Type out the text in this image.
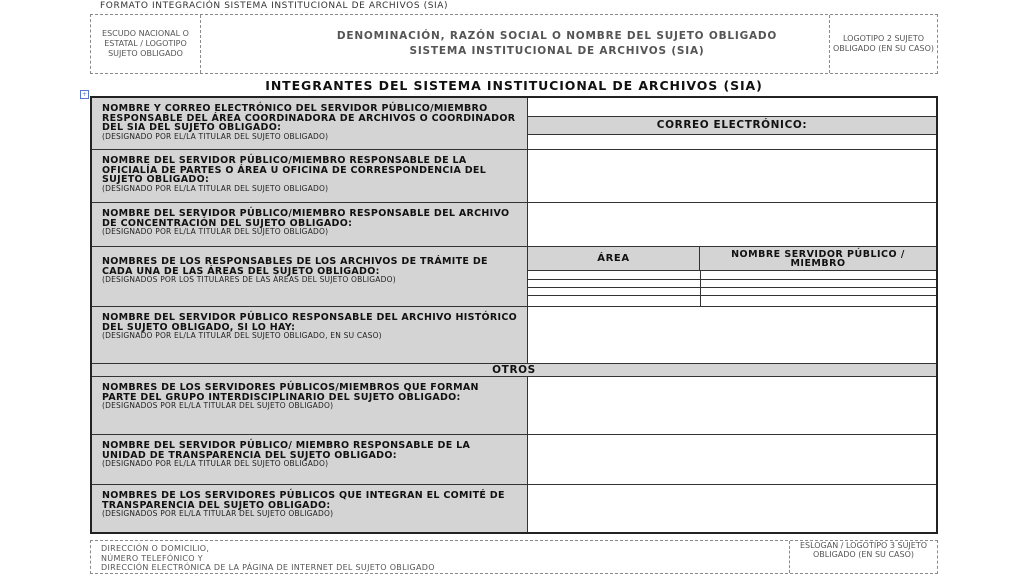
FORMATO INTEGRACIÓN SISTEMA INSTITUCIONAL DE ARCHIVOS (SIA)
ESCUDO NACIONAL O ESTATAL / LOGOTIPO SUJETO OBLIGADO
DENOMINACIÓN, RAZÓN SOCIAL O NOMBRE DEL SUJETO OBLIGADO
SISTEMA INSTITUCIONAL DE ARCHIVOS (SIA)
LOGOTIPO 2 SUJETO OBLIGADO (EN SU CASO)
INTEGRANTES DEL SISTEMA INSTITUCIONAL DE ARCHIVOS (SIA)
+
NOMBRE Y CORREO ELECTRÓNICO DEL SERVIDOR PÚBLICO/MIEMBRO RESPONSABLE DEL ÁREA COORDINADORA DE ARCHIVOS O COORDINADOR DEL SIA DEL SUJETO OBLIGADO:
(DESIGNADO POR EL/LA TITULAR DEL SUJETO OBLIGADO)
CORREO ELECTRÓNICO:
NOMBRE DEL SERVIDOR PÚBLICO/MIEMBRO RESPONSABLE DE LA OFICIALÍA DE PARTES O ÁREA U OFICINA DE CORRESPONDENCIA DEL SUJETO OBLIGADO:
(DESIGNADO POR EL/LA TITULAR DEL SUJETO OBLIGADO)
NOMBRE DEL SERVIDOR PÚBLICO/MIEMBRO RESPONSABLE DEL ARCHIVO DE CONCENTRACIÓN DEL SUJETO OBLIGADO:
(DESIGNADO POR EL/LA TITULAR DEL SUJETO OBLIGADO)
NOMBRES DE LOS RESPONSABLES DE LOS ARCHIVOS DE TRÁMITE DE CADA UNA DE LAS ÁREAS DEL SUJETO OBLIGADO:
(DESIGNADOS POR LOS TITULARES DE LAS ÁREAS DEL SUJETO OBLIGADO)
ÁREA	NOMBRE SERVIDOR PÚBLICO / MIEMBRO
NOMBRE DEL SERVIDOR PÚBLICO RESPONSABLE DEL ARCHIVO HISTÓRICO DEL SUJETO OBLIGADO, SI LO HAY:
(DESIGNADO POR EL/LA TITULAR DEL SUJETO OBLIGADO, EN SU CASO)
OTROS
NOMBRES DE LOS SERVIDORES PÚBLICOS/MIEMBROS QUE FORMAN PARTE DEL GRUPO INTERDISCIPLINARIO DEL SUJETO OBLIGADO:
(DESIGNADOS POR EL/LA TITULAR DEL SUJETO OBLIGADO)
NOMBRE DEL SERVIDOR PÚBLICO/ MIEMBRO RESPONSABLE DE LA UNIDAD DE TRANSPARENCIA DEL SUJETO OBLIGADO:
(DESIGNADO POR EL/LA TITULAR DEL SUJETO OBLIGADO)
NOMBRES DE LOS SERVIDORES PÚBLICOS QUE INTEGRAN EL COMITÉ DE TRANSPARENCIA DEL SUJETO OBLIGADO:
(DESIGNADOS POR EL/LA TITULAR DEL SUJETO OBLIGADO)
DIRECCIÓN O DOMICILIO,
NÚMERO TELEFÓNICO Y
DIRECCIÓN ELECTRÓNICA DE LA PÁGINA DE INTERNET DEL SUJETO OBLIGADO
ESLOGAN / LOGOTIPO 3 SUJETO OBLIGADO (EN SU CASO)
